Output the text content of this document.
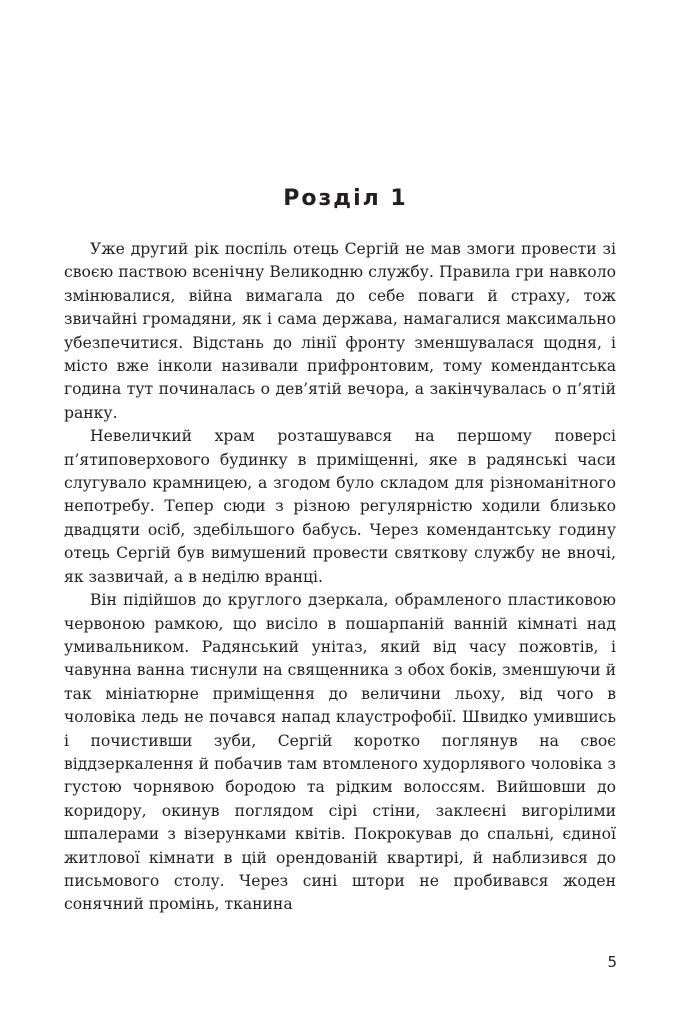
Розділ 1

Уже другий рік поспіль отець Сергій не мав змоги провести зі своєю паствою всенічну Великодню службу. Правила гри навколо змінювалися, війна вимагала до себе поваги й страху, тож звичайні громадяни, як і сама держава, намагалися максимально убезпечитися. Відстань до лінії фронту зменшувалася щодня, і місто вже інколи називали прифронтовим, тому комендантська година тут починалась о дев’ятій вечора, а закінчувалась о п’ятій ранку.

Невеличкий храм розташувався на першому поверсі п’ятиповерхового будинку в приміщенні, яке в радянські часи слугувало крамницею, а згодом було складом для різноманітного непотребу. Тепер сюди з різною регулярністю ходили близько двадцяти осіб, здебільшого бабусь. Через комендантську годину отець Сергій був вимушений провести святкову службу не вночі, як зазвичай, а в неділю вранці.

Він підійшов до круглого дзеркала, обрамленого пластиковою червоною рамкою, що висіло в пошарпаній ванній кімнаті над умивальником. Радянський унітаз, який від часу пожовтів, і чавунна ванна тиснули на священника з обох боків, зменшуючи й так мініатюрне приміщення до величини льоху, від чого в чоловіка ледь не почався напад клаустрофобії. Швидко умившись і почистивши зуби, Сергій коротко поглянув на своє віддзеркалення й побачив там втомленого худорлявого чоловіка з густою чорнявою бородою та рідким волоссям. Вийшовши до коридору, окинув поглядом сірі стіни, заклеєні вигорілими шпалерами з візерунками квітів. Покрокував до спальні, єдиної житлової кімнати в цій орендованій квартирі, й наблизився до письмового столу. Через сині штори не пробивався жоден сонячний промінь, тканина

5
